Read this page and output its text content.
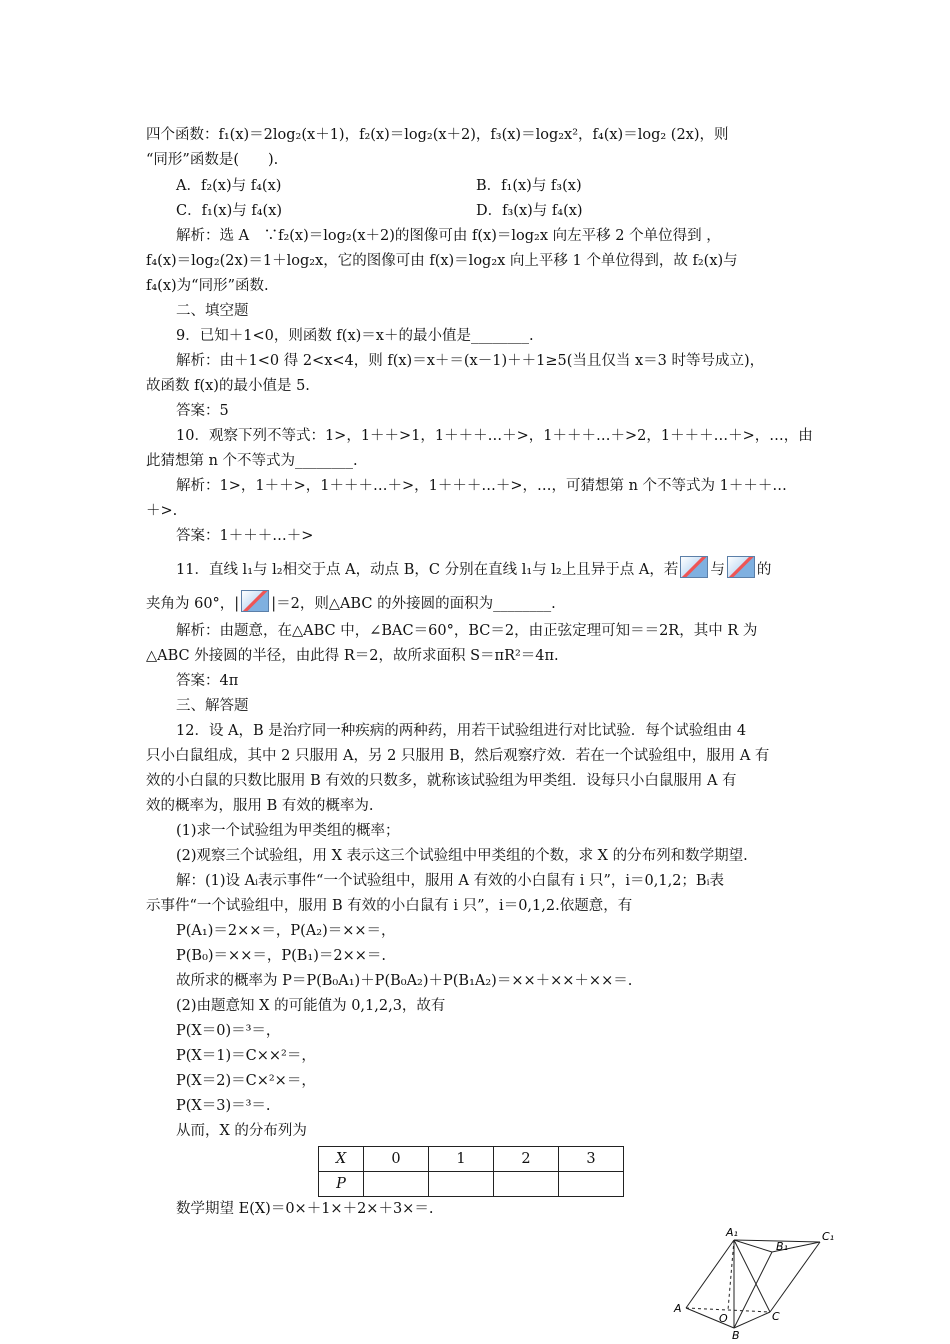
四个函数：f₁(x)＝2log₂(x＋1)，f₂(x)＝log₂(x＋2)，f₃(x)＝log₂x²，f₄(x)＝log₂ (2x)，则
“同形”函数是(　　).
A．f₂(x)与 f₄(x)	B．f₁(x)与 f₃(x)
C．f₁(x)与 f₄(x)	D．f₃(x)与 f₄(x)
解析：选 A　∵f₂(x)＝log₂(x＋2)的图像可由 f(x)＝log₂x 向左平移 2 个单位得到 ，
f₄(x)＝log₂(2x)＝1＋log₂x，它的图像可由 f(x)＝log₂x 向上平移 1 个单位得到，故 f₂(x)与
f₄(x)为“同形”函数.
二、填空题
9．已知＋1<0，则函数 f(x)＝x＋的最小值是________.
解析：由＋1<0 得 2<x<4，则 f(x)＝x＋＝(x－1)＋＋1≥5(当且仅当 x＝3 时等号成立)，
故函数 f(x)的最小值是 5.
答案：5
10．观察下列不等式：1>，1＋＋>1，1＋＋＋…＋>，1＋＋＋…＋>2，1＋＋＋…＋>，…，由
此猜想第 n 个不等式为________.
解析：1>，1＋＋>，1＋＋＋…＋>，1＋＋＋…＋>，…，可猜想第 n 个不等式为 1＋＋＋…
＋>.
答案：1＋＋＋…＋>
11．直线 l₁与 l₂相交于点 A，动点 B，C 分别在直线 l₁与 l₂上且异于点 A，若 与 的
夹角为 60°，| |＝2，则△ABC 的外接圆的面积为________.
解析：由题意，在△ABC 中，∠BAC＝60°，BC＝2，由正弦定理可知＝＝2R，其中 R 为
△ABC 外接圆的半径，由此得 R＝2，故所求面积 S＝πR²＝4π.
答案：4π
三、解答题
12．设 A，B 是治疗同一种疾病的两种药，用若干试验组进行对比试验．每个试验组由 4
只小白鼠组成，其中 2 只服用 A，另 2 只服用 B，然后观察疗效．若在一个试验组中，服用 A 有
效的小白鼠的只数比服用 B 有效的只数多，就称该试验组为甲类组．设每只小白鼠服用 A 有
效的概率为，服用 B 有效的概率为.
(1)求一个试验组为甲类组的概率；
(2)观察三个试验组，用 X 表示这三个试验组中甲类组的个数，求 X 的分布列和数学期望.
解：(1)设 Aᵢ表示事件“一个试验组中，服用 A 有效的小白鼠有 i 只”，i＝0,1,2；Bᵢ表
示事件“一个试验组中，服用 B 有效的小白鼠有 i 只”，i＝0,1,2.依题意，有
P(A₁)＝2××＝，P(A₂)＝××＝，
P(B₀)＝××＝，P(B₁)＝2××＝.
故所求的概率为 P＝P(B₀A₁)＋P(B₀A₂)＋P(B₁A₂)＝××＋××＋××＝.
(2)由题意知 X 的可能值为 0,1,2,3，故有
P(X＝0)＝³＝，
P(X＝1)＝C××²＝，
P(X＝2)＝C×²×＝，
P(X＝3)＝³＝.
从而，X 的分布列为
X	0	1	2	3
P				
数学期望 E(X)＝0×＋1×＋2×＋3×＝.
A₁
B₁
C₁
A
O	C
B
